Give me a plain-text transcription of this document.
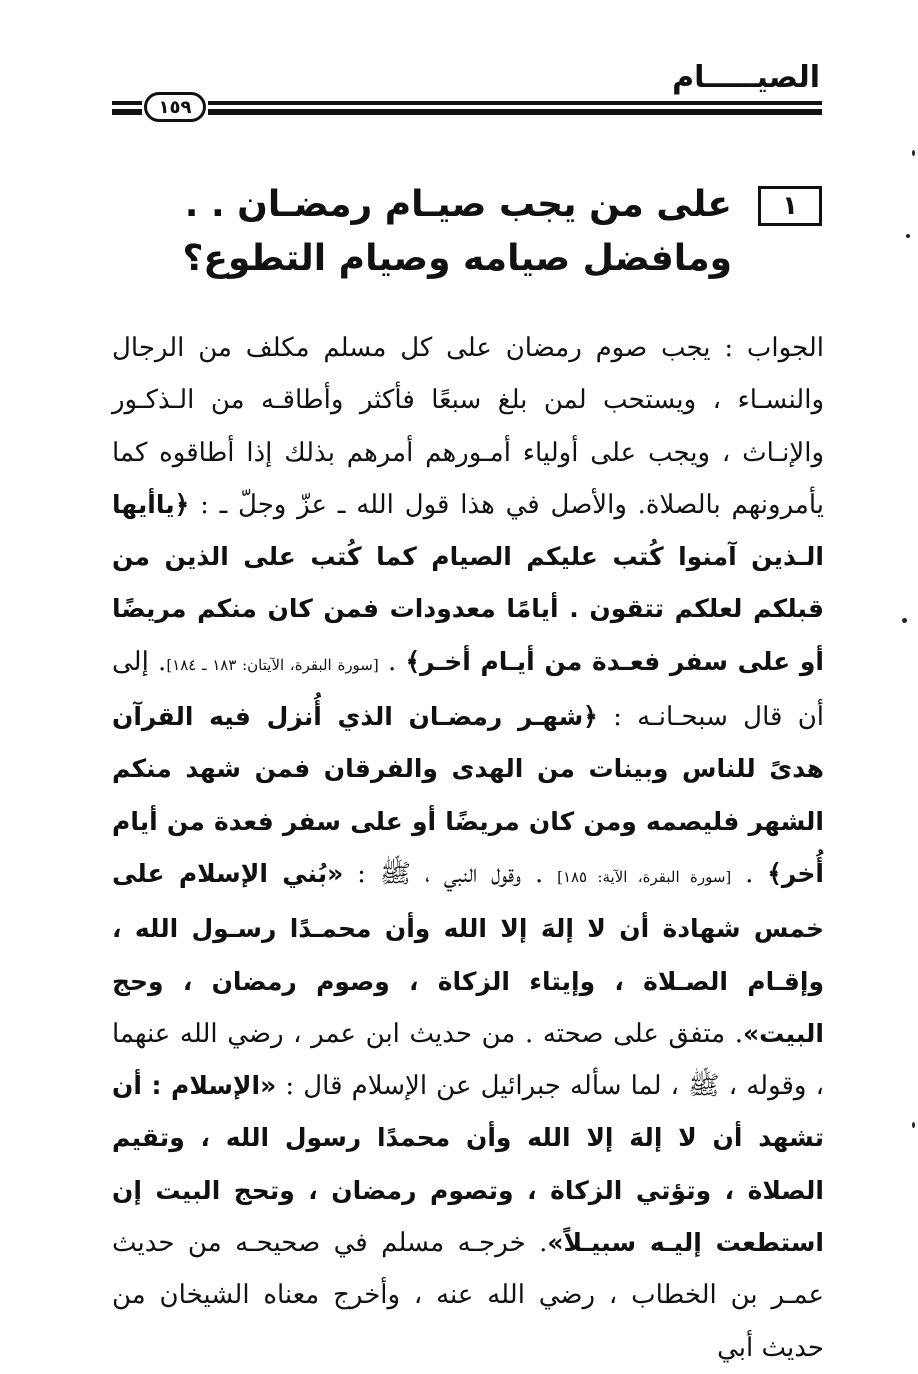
الصيـــــام
١٥٩
١
على من يجب صيـام رمضـان . . ومافضل صيامه وصيام التطوع؟
الجواب : يجب صوم رمضان على كل مسلم مكلف من الرجال والنسـاء ، ويستحب لمن بلغ سبعًا فأكثر وأطاقـه من الـذكـور والإنـاث ، ويجب على أولياء أمـورهم أمرهم بذلك إذا أطاقوه كما يأمرونهم بالصلاة. والأصل في هذا قول الله ـ عزّ وجلّ ـ : ﴿ياأيها الـذين آمنوا كُتب عليكم الصيام كما كُتب على الذين من قبلكم لعلكم تتقون . أيامًا معدودات فمن كان منكم مريضًا أو على سفر فعـدة من أيـام أخـر﴾ . [سورة البقرة، الآيتان: ١٨٣ ـ ١٨٤]. إلى أن قال سبحـانـه : ﴿شهـر رمضـان الذي أُنزل فيه القرآن هدىً للناس وبينات من الهدى والفرقان فمن شهد منكم الشهر فليصمه ومن كان مريضًا أو على سفر فعدة من أيام أُخر﴾ . [سورة البقرة، الآية: ١٨٥] . وقول النبي ، ﷺ : «بُني الإسلام على خمس شهادة أن لا إلهَ إلا الله وأن محمـدًا رسـول الله ، وإقـام الصـلاة ، وإيتاء الزكاة ، وصوم رمضان ، وحج البيت». متفق على صحته . من حديث ابن عمر ، رضي الله عنهما ، وقوله ، ﷺ ، لما سأله جبرائيل عن الإسلام قال : «الإسلام : أن تشهد أن لا إلهَ إلا الله وأن محمدًا رسول الله ، وتقيم الصلاة ، وتؤتي الزكاة ، وتصوم رمضان ، وتحج البيت إن استطعت إليـه سبيـلاً». خرجـه مسلم في صحيحـه من حديث عمـر بن الخطاب ، رضي الله عنه ، وأخرج معناه الشيخان من حديث أبي
